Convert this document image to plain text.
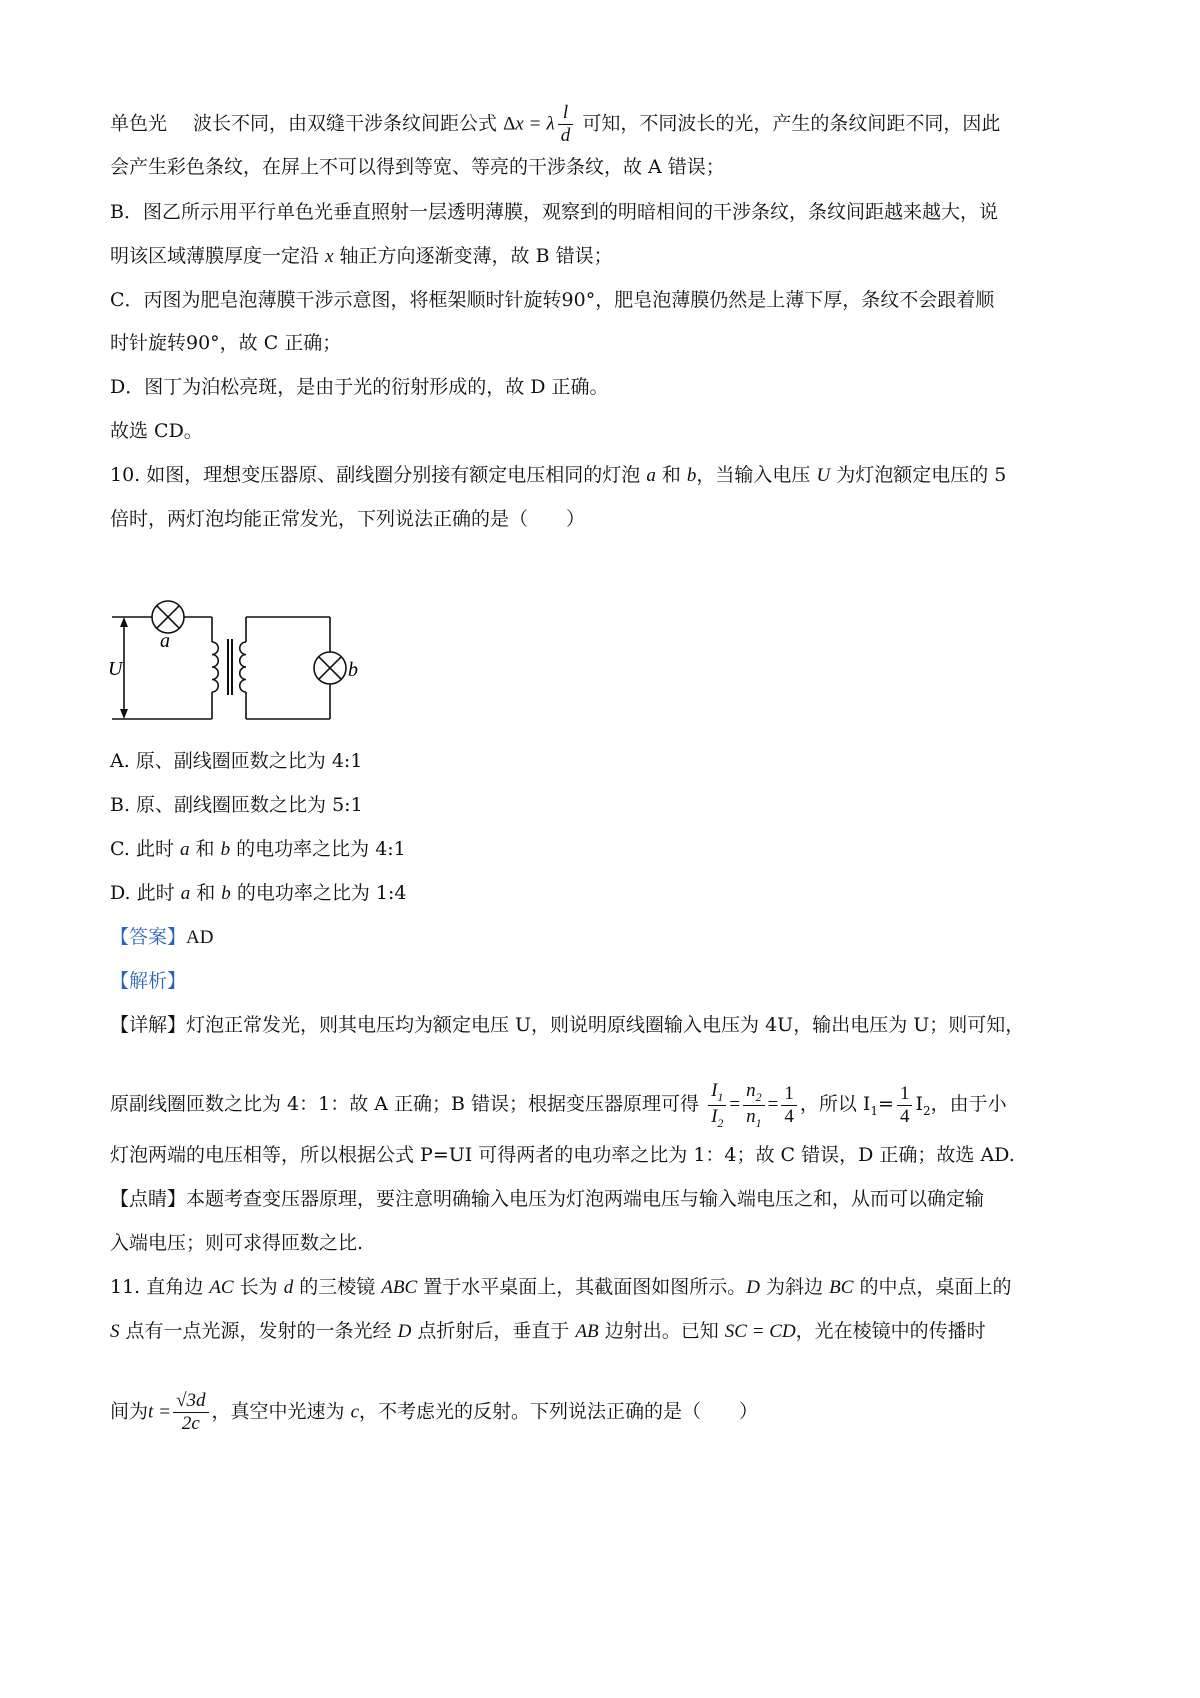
单色光 波长不同，由双缝干涉条纹间距公式 Δx = λ $\frac{l}{d}$ 可知，不同波长的光，产生的条纹间距不同，因此
会产生彩色条纹，在屏上不可以得到等宽、等亮的干涉条纹，故 A 错误；
B．图乙所示用平行单色光垂直照射一层透明薄膜，观察到的明暗相间的干涉条纹，条纹间距越来越大，说
明该区域薄膜厚度一定沿 x 轴正方向逐渐变薄，故 B 错误；
C．丙图为肥皂泡薄膜干涉示意图，将框架顺时针旋转90°，肥皂泡薄膜仍然是上薄下厚，条纹不会跟着顺
时针旋转90°，故 C 正确；
D．图丁为泊松亮斑，是由于光的衍射形成的，故 D 正确。
故选 CD。
10. 如图，理想变压器原、副线圈分别接有额定电压相同的灯泡 a 和 b，当输入电压 U 为灯泡额定电压的 5
倍时，两灯泡均能正常发光，下列说法正确的是（　　）
a
b
U
A. 原、副线圈匝数之比为 4:1
B. 原、副线圈匝数之比为 5:1
C. 此时 a 和 b 的电功率之比为 4:1
D. 此时 a 和 b 的电功率之比为 1:4
【答案】AD
【解析】
【详解】灯泡正常发光，则其电压均为额定电压 U，则说明原线圈输入电压为 4U，输出电压为 U；则可知，
原副线圈匝数之比为 4：1：故 A 正确；B 错误；根据变压器原理可得 $\frac{I_1}{I_2} = \frac{n_2}{n_1} = \frac{1}{4}$ ，所以 $I_1= \frac{1}{4} I_2$，由于小
灯泡两端的电压相等，所以根据公式 P=UI 可得两者的电功率之比为 1：4；故 C 错误，D 正确；故选 AD.
【点睛】本题考查变压器原理，要注意明确输入电压为灯泡两端电压与输入端电压之和，从而可以确定输
入端电压；则可求得匝数之比.
11. 直角边 AC 长为 d 的三棱镜 ABC 置于水平桌面上，其截面图如图所示。D 为斜边 BC 的中点，桌面上的
S 点有一点光源，发射的一条光经 D 点折射后，垂直于 AB 边射出。已知 SC = CD，光在棱镜中的传播时
间为$t = \frac{√3d}{2c}$ ，真空中光速为 c，不考虑光的反射。下列说法正确的是（　　）
